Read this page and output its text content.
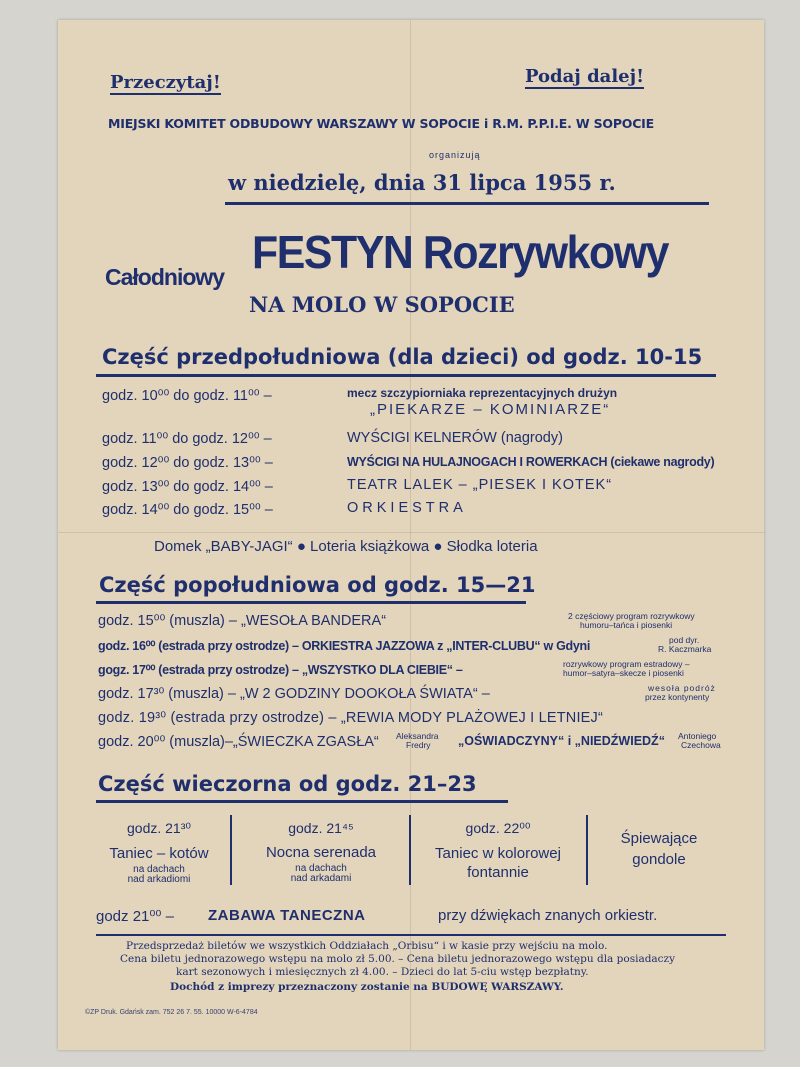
Przeczytaj!	Podaj dalej!
MIEJSKI KOMITET ODBUDOWY WARSZAWY W SOPOCIE i R.M. P.P.I.E. W SOPOCIE
organizują
w niedzielę, dnia 31 lipca 1955 r.
Całodniowy FESTYN Rozrywkowy
NA MOLO W SOPOCIE
Część przedpołudniowa (dla dzieci) od godz. 10-15
godz. 10⁰⁰ do godz. 11⁰⁰ –	mecz szczypiorniaka reprezentacyjnych drużyn
„PIEKARZE – KOMINIARZE“
godz. 11⁰⁰ do godz. 12⁰⁰ –	WYŚCIGI KELNERÓW (nagrody)
godz. 12⁰⁰ do godz. 13⁰⁰ –	WYŚCIGI NA HULAJNOGACH I ROWERKACH (ciekawe nagrody)
godz. 13⁰⁰ do godz. 14⁰⁰ –	TEATR LALEK – „PIESEK I KOTEK“
godz. 14⁰⁰ do godz. 15⁰⁰ –	ORKIESTRA
Domek „BABY-JAGI“ ● Loteria książkowa ● Słodka loteria
Część popołudniowa od godz. 15—21
godz. 15⁰⁰ (muszla) – „WESOŁA BANDERA“	2 częściowy program rozrywkowy
humoru–tańca i piosenki
godz. 16⁰⁰ (estrada przy ostrodze) – ORKIESTRA JAZZOWA z „INTER-CLUBU“ w Gdyni	pod dyr.
R. Kaczmarka
gogz. 17⁰⁰ (estrada przy ostrodze) – „WSZYSTKO DLA CIEBIE“ –	rozrywkowy program estradowy –
humor–satyra–skecze i piosenki
godz. 17³⁰ (muszla) – „W 2 GODZINY DOOKOŁA ŚWIATA“ –	wesoła podróż
przez kontynenty
godz. 19³⁰ (estrada przy ostrodze) – „REWIA MODY PLAŻOWEJ I LETNIEJ“
godz. 20⁰⁰ (muszla)–„ŚWIECZKA ZGASŁA“ Aleksandra
Fredry „OŚWIADCZYNY“ i „NIEDŹWIEDŹ“ Antoniego
Czechowa
Część wieczorna od godz. 21–23
godz. 21³⁰
Taniec – kotów
na dachach
nad arkadiomi
godz. 21⁴⁵
Nocna serenada
na dachach
nad arkadami
godz. 22⁰⁰
Taniec w kolorowej
fontannie
Śpiewające
gondole
godz 21⁰⁰ – ZABAWA TANECZNA	przy dźwiękach znanych orkiestr.
Przedsprzedaż biletów we wszystkich Oddziałach „Orbisu“ i w kasie przy wejściu na molo.
Cena biletu jednorazowego wstępu na molo zł 5.00. – Cena biletu jednorazowego wstępu dla posiadaczy
kart sezonowych i miesięcznych zł 4.00. – Dzieci do lat 5-ciu wstęp bezpłatny.
Dochód z imprezy przeznaczony zostanie na BUDOWĘ WARSZAWY.
©ZP Druk. Gdańsk zam. 752 26 7. 55. 10000 W-6-4784
